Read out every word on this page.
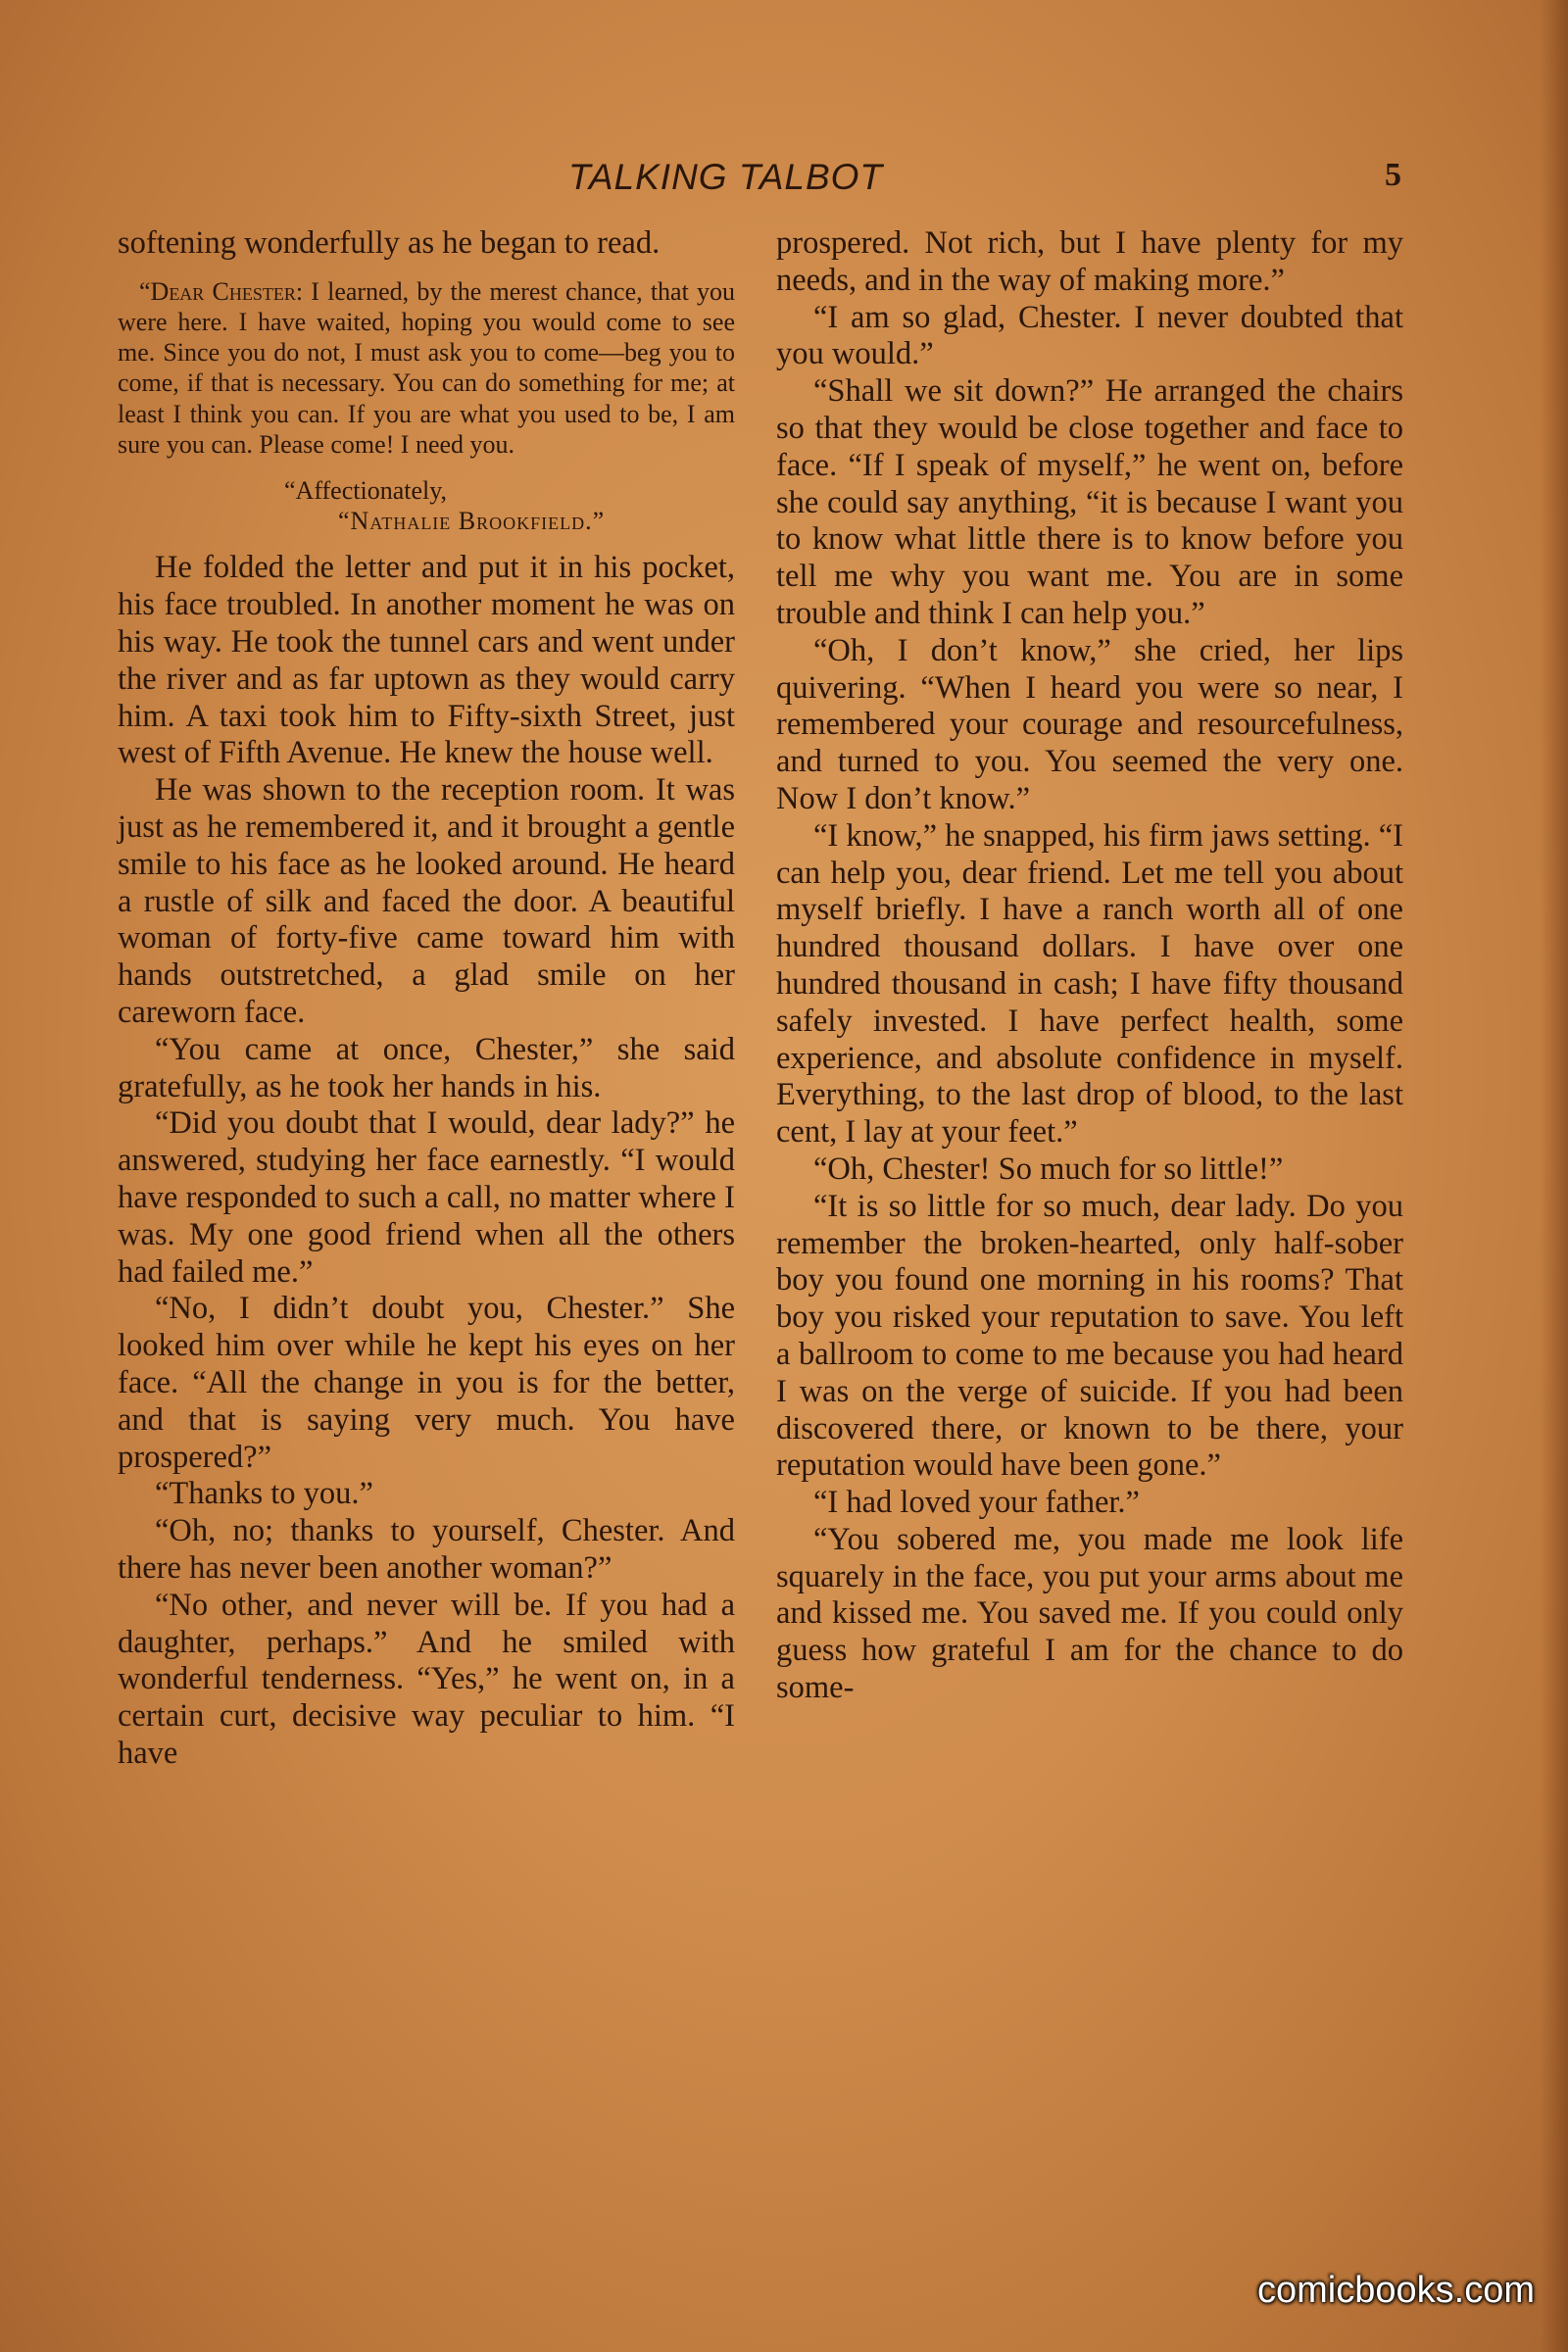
TALKING TALBOT	5

softening wonderfully as he began to read.

“Dear Chester: I learned, by the merest chance, that you were here. I have waited, hoping you would come to see me. Since you do not, I must ask you to come—beg you to come, if that is necessary. You can do something for me; at least I think you can. If you are what you used to be, I am sure you can. Please come! I need you.

“Affectionately,
“Nathalie Brookfield.”

He folded the letter and put it in his pocket, his face troubled. In another moment he was on his way. He took the tunnel cars and went under the river and as far uptown as they would carry him. A taxi took him to Fifty-sixth Street, just west of Fifth Avenue. He knew the house well.

He was shown to the reception room. It was just as he remembered it, and it brought a gentle smile to his face as he looked around. He heard a rustle of silk and faced the door. A beautiful woman of forty-five came toward him with hands outstretched, a glad smile on her careworn face.

“You came at once, Chester,” she said gratefully, as he took her hands in his.

“Did you doubt that I would, dear lady?” he answered, studying her face earnestly. “I would have responded to such a call, no matter where I was. My one good friend when all the others had failed me.”

“No, I didn’t doubt you, Chester.” She looked him over while he kept his eyes on her face. “All the change in you is for the better, and that is saying very much. You have prospered?”

“Thanks to you.”

“Oh, no; thanks to yourself, Chester. And there has never been another woman?”

“No other, and never will be. If you had a daughter, perhaps.” And he smiled with wonderful tenderness. “Yes,” he went on, in a certain curt, decisive way peculiar to him. “I have

prospered. Not rich, but I have plenty for my needs, and in the way of making more.”

“I am so glad, Chester. I never doubted that you would.”

“Shall we sit down?” He arranged the chairs so that they would be close together and face to face. “If I speak of myself,” he went on, before she could say anything, “it is because I want you to know what little there is to know before you tell me why you want me. You are in some trouble and think I can help you.”

“Oh, I don’t know,” she cried, her lips quivering. “When I heard you were so near, I remembered your courage and resourcefulness, and turned to you. You seemed the very one. Now I don’t know.”

“I know,” he snapped, his firm jaws setting. “I can help you, dear friend. Let me tell you about myself briefly. I have a ranch worth all of one hundred thousand dollars. I have over one hundred thousand in cash; I have fifty thousand safely invested. I have perfect health, some experience, and absolute confidence in myself. Everything, to the last drop of blood, to the last cent, I lay at your feet.”

“Oh, Chester! So much for so little!”

“It is so little for so much, dear lady. Do you remember the broken-hearted, only half-sober boy you found one morning in his rooms? That boy you risked your reputation to save. You left a ballroom to come to me because you had heard I was on the verge of suicide. If you had been discovered there, or known to be there, your reputation would have been gone.”

“I had loved your father.”

“You sobered me, you made me look life squarely in the face, you put your arms about me and kissed me. You saved me. If you could only guess how grateful I am for the chance to do some-

comicbooks.com
